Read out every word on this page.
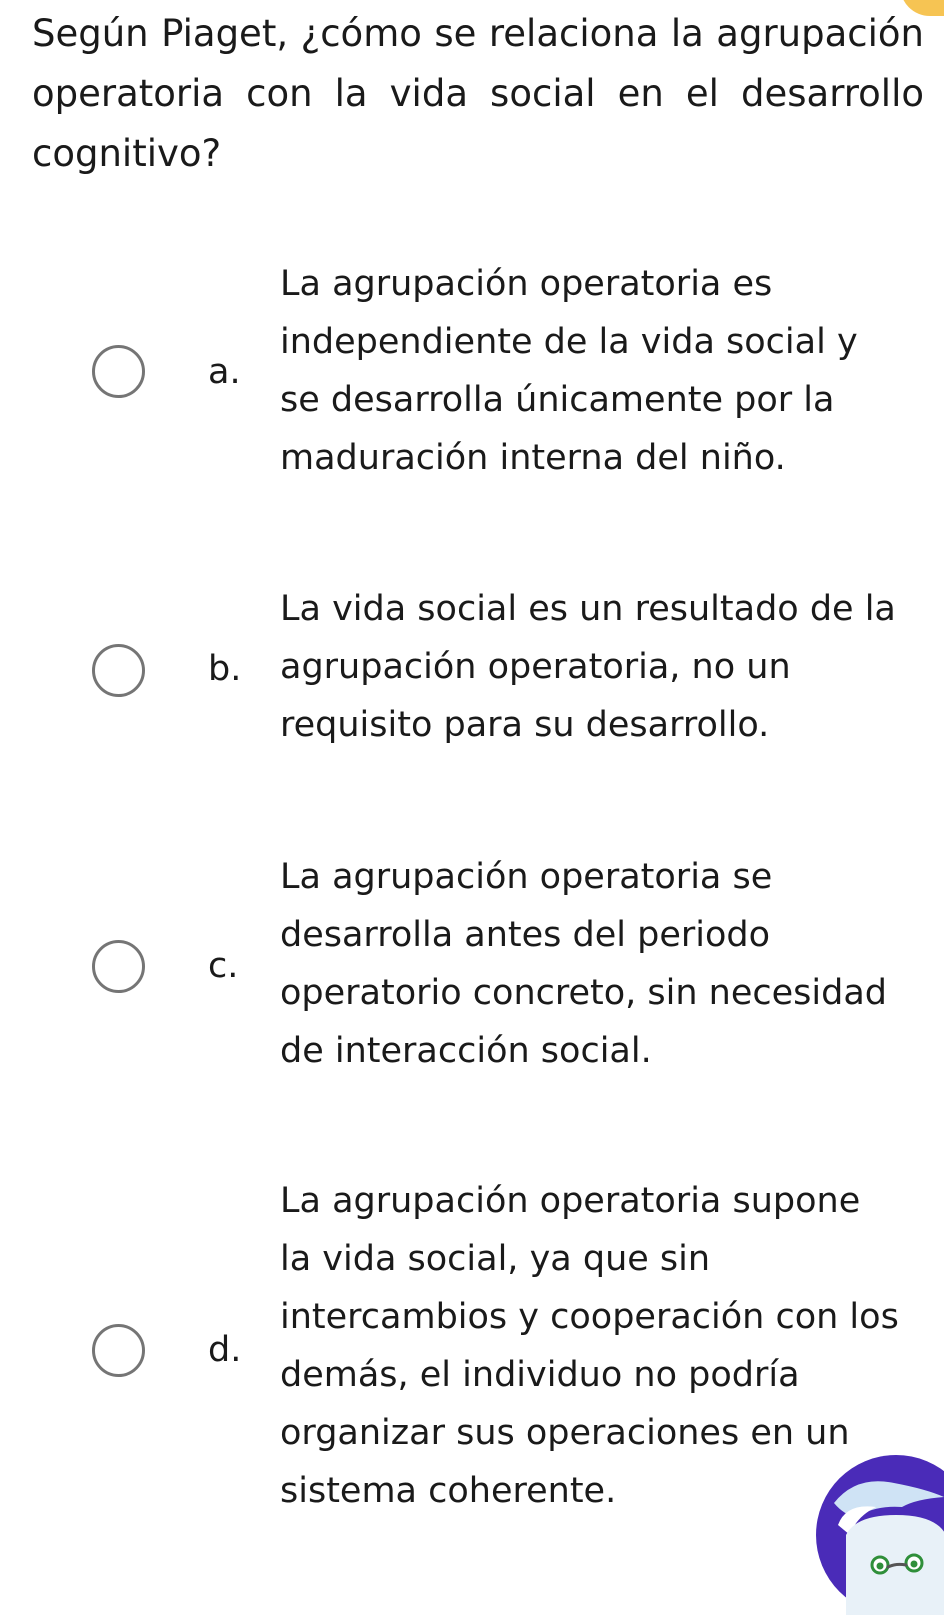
Según Piaget, ¿cómo se relaciona la agrupación operatoria con la vida social en el desarrollo cognitivo?

a.

La agrupación operatoria es independiente de la vida social y se desarrolla únicamente por la maduración interna del niño.

b.

La vida social es un resultado de la agrupación operatoria, no un requisito para su desarrollo.

c.

La agrupación operatoria se desarrolla antes del periodo operatorio concreto, sin necesidad de interacción social.

d.

La agrupación operatoria supone la vida social, ya que sin intercambios y cooperación con los demás, el individuo no podría organizar sus operaciones en un sistema coherente.
